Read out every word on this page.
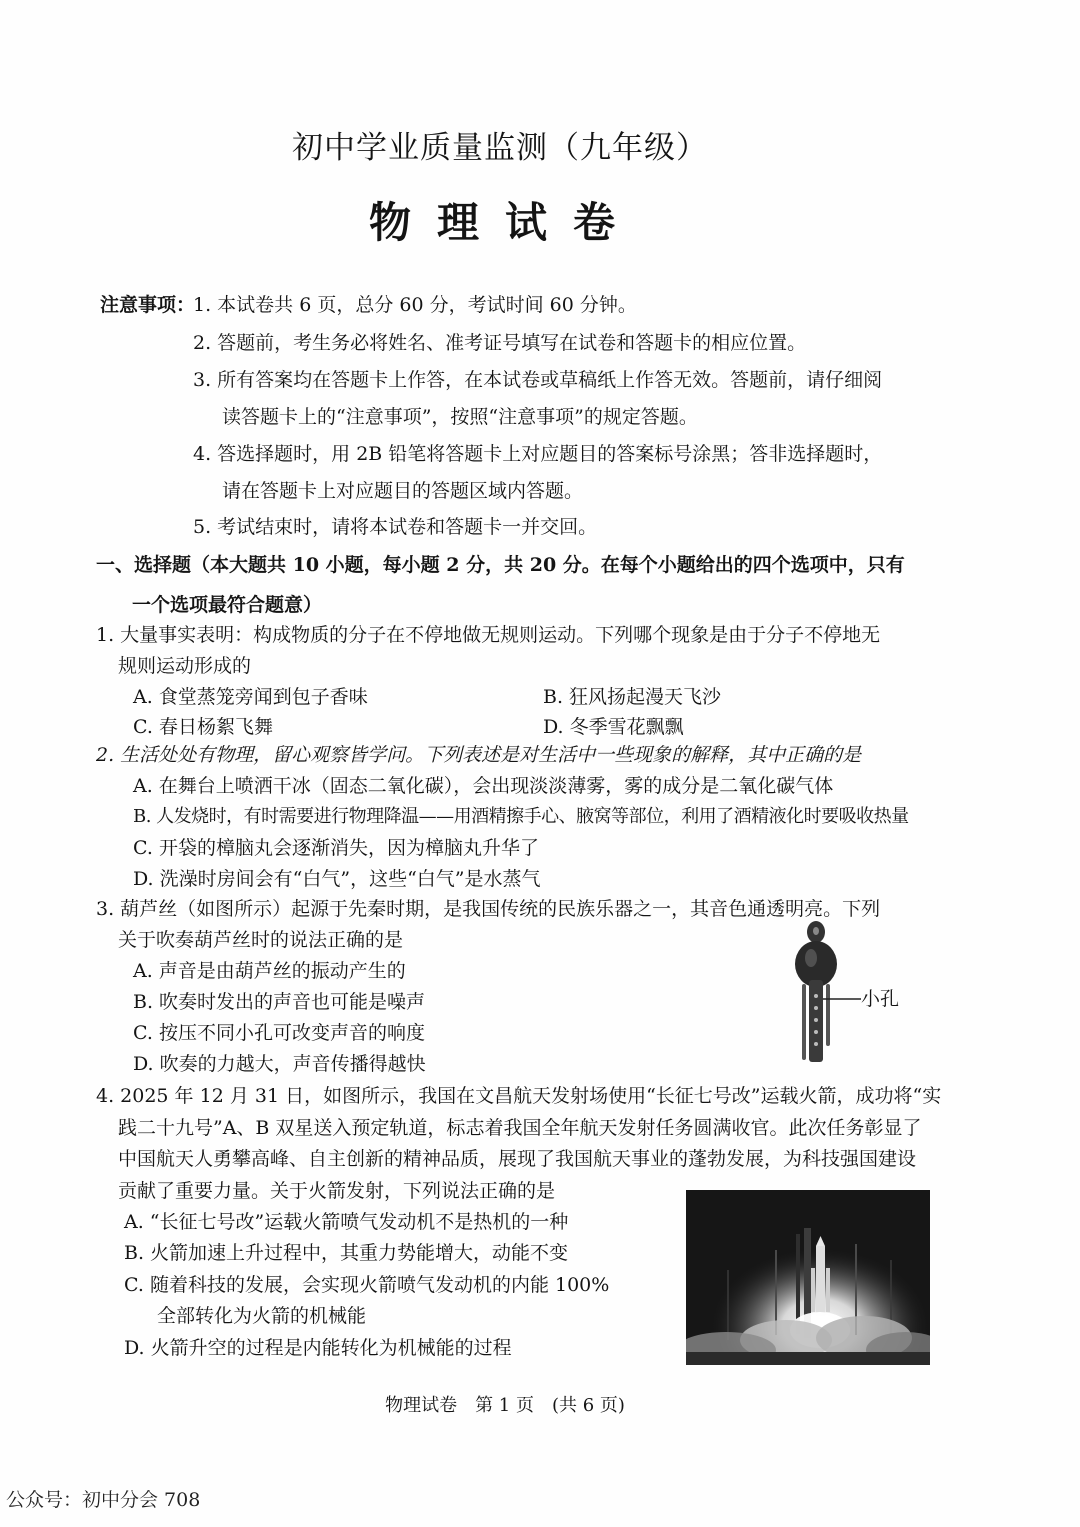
初中学业质量监测（九年级）
物理试卷
注意事项：
1. 本试卷共 6 页，总分 60 分，考试时间 60 分钟。
2. 答题前，考生务必将姓名、准考证号填写在试卷和答题卡的相应位置。
3. 所有答案均在答题卡上作答，在本试卷或草稿纸上作答无效。答题前，请仔细阅
读答题卡上的“注意事项”，按照“注意事项”的规定答题。
4. 答选择题时，用 2B 铅笔将答题卡上对应题目的答案标号涂黑；答非选择题时，
请在答题卡上对应题目的答题区域内答题。
5. 考试结束时，请将本试卷和答题卡一并交回。
一、选择题（本大题共 10 小题，每小题 2 分，共 20 分。在每个小题给出的四个选项中，只有
一个选项最符合题意）
1. 大量事实表明：构成物质的分子在不停地做无规则运动。下列哪个现象是由于分子不停地无
规则运动形成的
A. 食堂蒸笼旁闻到包子香味	B. 狂风扬起漫天飞沙
C. 春日杨絮飞舞	D. 冬季雪花飘飘
2. 生活处处有物理，留心观察皆学问。下列表述是对生活中一些现象的解释，其中正确的是
A. 在舞台上喷洒干冰（固态二氧化碳），会出现淡淡薄雾，雾的成分是二氧化碳气体
B. 人发烧时，有时需要进行物理降温——用酒精擦手心、腋窝等部位，利用了酒精液化时要吸收热量
C. 开袋的樟脑丸会逐渐消失，因为樟脑丸升华了
D. 洗澡时房间会有“白气”，这些“白气”是水蒸气
3. 葫芦丝（如图所示）起源于先秦时期，是我国传统的民族乐器之一，其音色通透明亮。下列
关于吹奏葫芦丝时的说法正确的是
A. 声音是由葫芦丝的振动产生的
B. 吹奏时发出的声音也可能是噪声
C. 按压不同小孔可改变声音的响度
D. 吹奏的力越大，声音传播得越快
小孔
4. 2025 年 12 月 31 日，如图所示，我国在文昌航天发射场使用“长征七号改”运载火箭，成功将“实
践二十九号”A、B 双星送入预定轨道，标志着我国全年航天发射任务圆满收官。此次任务彰显了
中国航天人勇攀高峰、自主创新的精神品质，展现了我国航天事业的蓬勃发展，为科技强国建设
贡献了重要力量。关于火箭发射，下列说法正确的是
A. “长征七号改”运载火箭喷气发动机不是热机的一种
B. 火箭加速上升过程中，其重力势能增大，动能不变
C. 随着科技的发展，会实现火箭喷气发动机的内能 100%
全部转化为火箭的机械能
D. 火箭升空的过程是内能转化为机械能的过程
物理试卷　第 1 页　(共 6 页)
公众号：初中分会 708
